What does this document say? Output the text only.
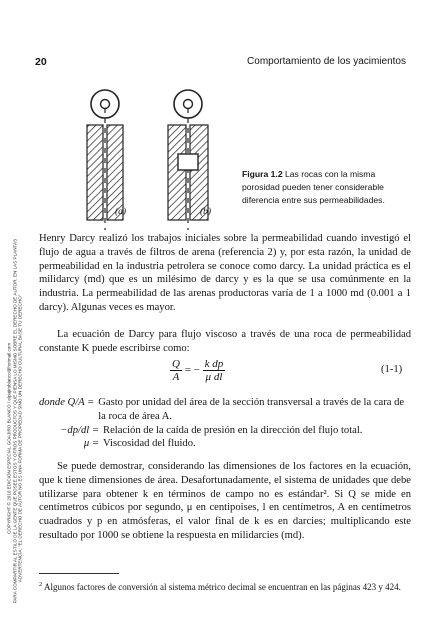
20	Comportamiento de los yacimientos
COPYRIGHT © 2010 EDICIÓN ESPECIAL GOAJIRO BLANCO / elpajiroblanco@hotmail.com PARA COMPARTIR AL ESTILO DE LA GENTE QUE POSEE ESTOS Y OTROS PRODUCTOS Y QUE PIENSA LO MISMO SOBRE EL DERECHO DE AUTOR. EN LAS PLANTAS ADVERTENCIA: "EL DERECHO DE AUTOR NO ES UNA FORMA DE PROPIEDAD SINO UN DERECHO CULTURAL BASE TU DERECHO"
(a)	(b)
Figura 1.2 Las rocas con la misma porosidad pueden tener considerable diferencia entre sus permeabilidades.
Henry Darcy realizó los trabajos iniciales sobre la permeabilidad cuando investigó el flujo de agua a través de filtros de arena (referencia 2) y, por esta razón, la unidad de permeabilidad en la industria petrolera se conoce como darcy. La unidad práctica es el milidarcy (md) que es un milésimo de darcy y es la que se usa comúnmente en la industria. La permeabilidad de las arenas productoras varía de 1 a 1000 md (0.001 a 1 darcy). Algunas veces es mayor.
La ecuación de Darcy para flujo viscoso a través de una roca de permeabilidad constante K puede escribirse como:
$\frac{Q}{A}$ = − $\frac{\text{k dp}}{\text{μ dl}}$	(1-1)
donde Q/A = Gasto por unidad del área de la sección transversal a través de la cara de la roca de área A.
−dp/dl = Relación de la caída de presión en la dirección del flujo total.
μ = Viscosidad del fluido.
Se puede demostrar, considerando las dimensiones de los factores en la ecuación, que k tiene dimensiones de área. Desafortunadamente, el sistema de unidades que debe utilizarse para obtener k en términos de campo no es estándar². Si Q se mide en centímetros cúbicos por segundo, μ en centipoises, l en centímetros, A en centímetros cuadrados y p en atmósferas, el valor final de k es en darcies; multiplicando este resultado por 1000 se obtiene la respuesta en milidarcies (md).
$^2$ Algunos factores de conversión al sistema métrico decimal se encuentran en las páginas 423 y 424.
